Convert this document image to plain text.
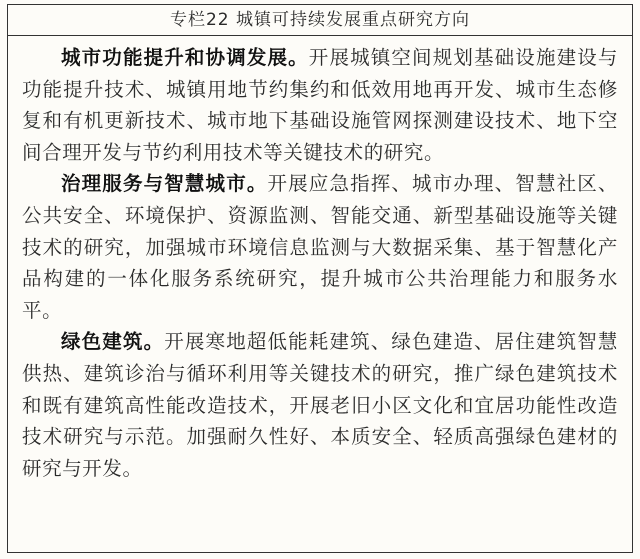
专栏22 城镇可持续发展重点研究方向

城市功能提升和协调发展。开展城镇空间规划基础设施建设与功能提升技术、城镇用地节约集约和低效用地再开发、城市生态修复和有机更新技术、城市地下基础设施管网探测建设技术、地下空间合理开发与节约利用技术等关键技术的研究。

治理服务与智慧城市。开展应急指挥、城市办理、智慧社区、公共安全、环境保护、资源监测、智能交通、新型基础设施等关键技术的研究，加强城市环境信息监测与大数据采集、基于智慧化产品构建的一体化服务系统研究，提升城市公共治理能力和服务水平。

绿色建筑。开展寒地超低能耗建筑、绿色建造、居住建筑智慧供热、建筑诊治与循环利用等关键技术的研究，推广绿色建筑技术和既有建筑高性能改造技术，开展老旧小区文化和宜居功能性改造技术研究与示范。加强耐久性好、本质安全、轻质高强绿色建材的研究与开发。
